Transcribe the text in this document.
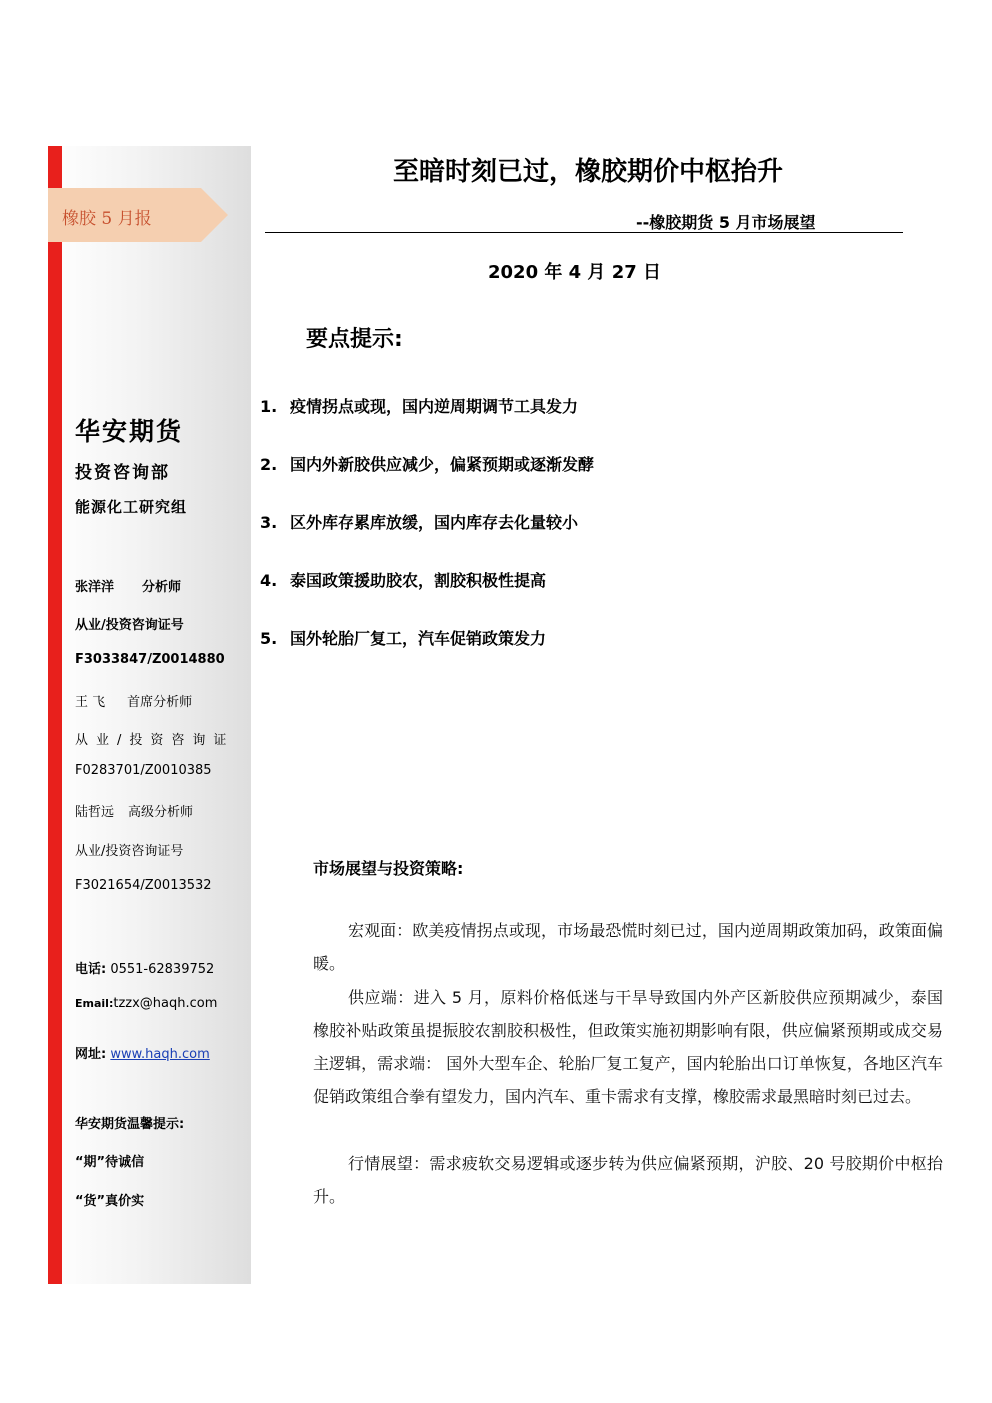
橡胶 5 月报
华安期货
投资咨询部
能源化工研究组
张洋洋 分析师
从业/投资咨询证号
F3033847/Z0014880
王 飞 首席分析师
从业/投资咨询证
F0283701/Z0010385
陆哲远 高级分析师
从业/投资咨询证号
F3021654/Z0013532
电话: 0551-62839752
Email:tzzx@haqh.com
网址: www.haqh.com
华安期货温馨提示:
“期”待诚信
“货”真价实
至暗时刻已过，橡胶期价中枢抬升
--橡胶期货 5 月市场展望
2020 年 4 月 27 日
要点提示:
1. 疫情拐点或现，国内逆周期调节工具发力
2. 国内外新胶供应减少，偏紧预期或逐渐发酵
3. 区外库存累库放缓，国内库存去化量较小
4. 泰国政策援助胶农，割胶积极性提高
5. 国外轮胎厂复工，汽车促销政策发力
市场展望与投资策略:
宏观面：欧美疫情拐点或现，市场最恐慌时刻已过，国内逆周期政策加码，政策面偏暖。
供应端：进入 5 月，原料价格低迷与干旱导致国内外产区新胶供应预期减少，泰国橡胶补贴政策虽提振胶农割胶积极性，但政策实施初期影响有限，供应偏紧预期或成交易主逻辑，需求端： 国外大型车企、轮胎厂复工复产，国内轮胎出口订单恢复，各地区汽车促销政策组合拳有望发力，国内汽车、重卡需求有支撑，橡胶需求最黑暗时刻已过去。
行情展望：需求疲软交易逻辑或逐步转为供应偏紧预期，沪胶、20 号胶期价中枢抬升。
